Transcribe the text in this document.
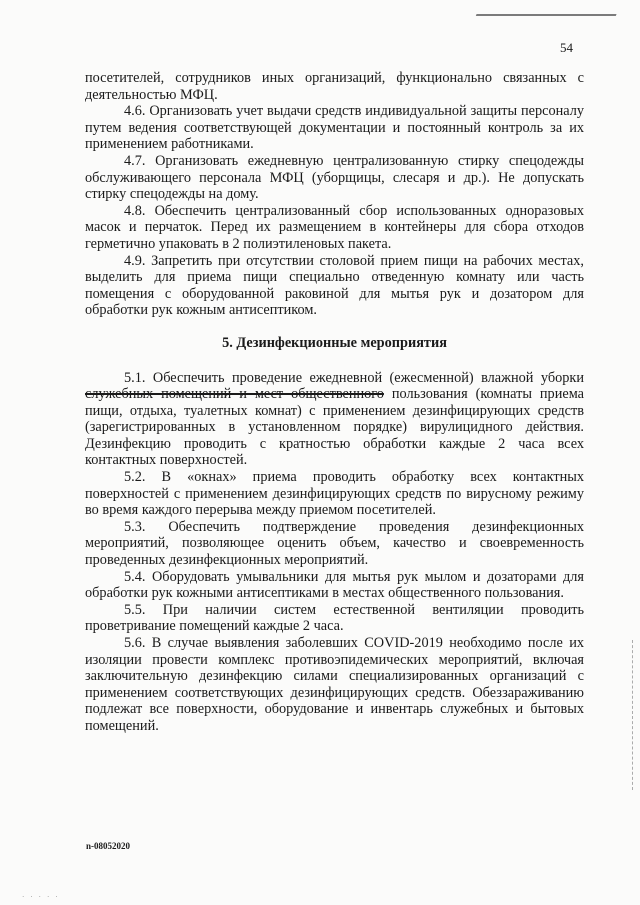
54

посетителей, сотрудников иных организаций, функционально связанных с деятельностью МФЦ.

4.6. Организовать учет выдачи средств индивидуальной защиты персоналу путем ведения соответствующей документации и постоянный контроль за их применением работниками.

4.7. Организовать ежедневную централизованную стирку спецодежды обслуживающего персонала МФЦ (уборщицы, слесаря и др.). Не допускать стирку спецодежды на дому.

4.8. Обеспечить централизованный сбор использованных одноразовых масок и перчаток. Перед их размещением в контейнеры для сбора отходов герметично упаковать в 2 полиэтиленовых пакета.

4.9. Запретить при отсутствии столовой прием пищи на рабочих местах, выделить для приема пищи специально отведенную комнату или часть помещения с оборудованной раковиной для мытья рук и дозатором для обработки рук кожным антисептиком.

5. Дезинфекционные мероприятия

5.1. Обеспечить проведение ежедневной (ежесменной) влажной уборки служебных помещений и мест общественного пользования (комнаты приема пищи, отдыха, туалетных комнат) с применением дезинфицирующих средств (зарегистрированных в установленном порядке) вирулицидного действия. Дезинфекцию проводить с кратностью обработки каждые 2 часа всех контактных поверхностей.

5.2. В «окнах» приема проводить обработку всех контактных поверхностей с применением дезинфицирующих средств по вирусному режиму во время каждого перерыва между приемом посетителей.

5.3. Обеспечить подтверждение проведения дезинфекционных мероприятий, позволяющее оценить объем, качество и своевременность проведенных дезинфекционных мероприятий.

5.4. Оборудовать умывальники для мытья рук мылом и дозаторами для обработки рук кожными антисептиками в местах общественного пользования.

5.5. При наличии систем естественной вентиляции проводить проветривание помещений каждые 2 часа.

5.6. В случае выявления заболевших COVID-2019 необходимо после их изоляции провести комплекс противоэпидемических мероприятий, включая заключительную дезинфекцию силами специализированных организаций с применением соответствующих дезинфицирующих средств. Обеззараживанию подлежат все поверхности, оборудование и инвентарь служебных и бытовых помещений.

n-08052020
·····
